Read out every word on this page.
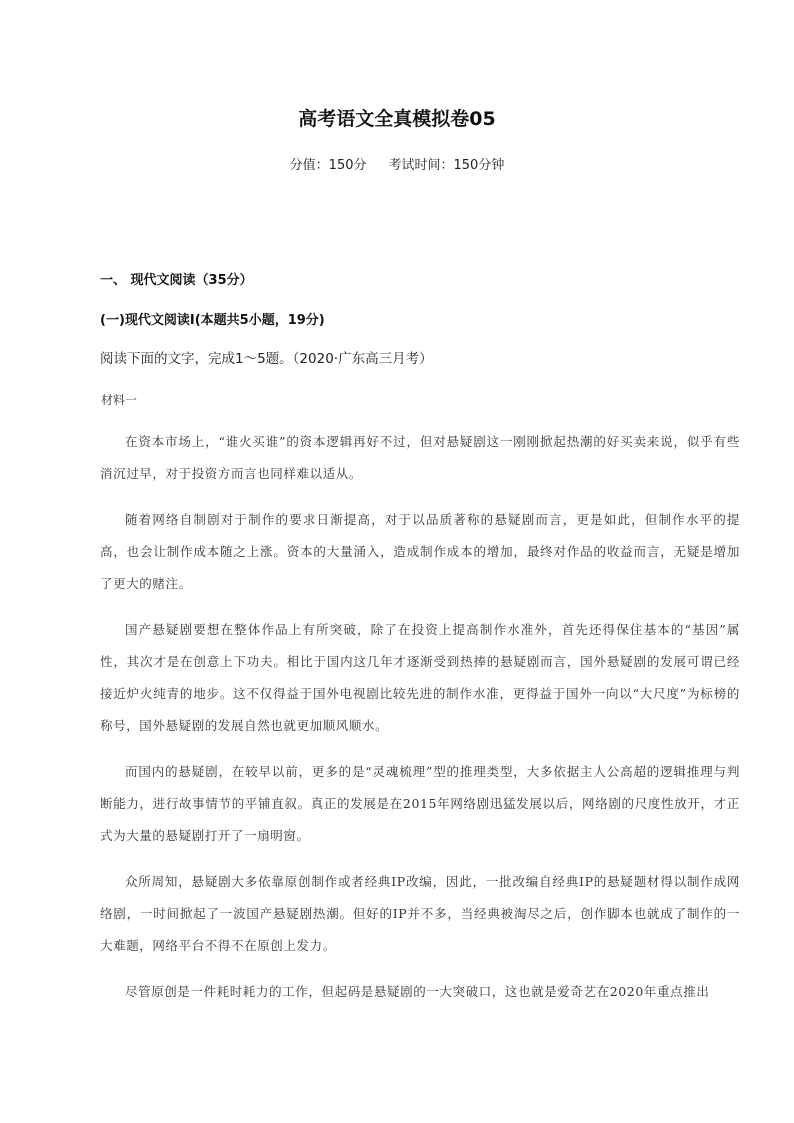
高考语文全真模拟卷05
分值：150分 考试时间：150分钟
一、 现代文阅读（35分）
(一)现代文阅读Ⅰ(本题共5小题，19分)
阅读下面的文字，完成1～5题。（2020·广东高三月考）
材料一

在资本市场上，“谁火买谁”的资本逻辑再好不过，但对悬疑剧这一刚刚掀起热潮的好买卖来说，似乎有些消沉过早，对于投资方而言也同样难以适从。

随着网络自制剧对于制作的要求日渐提高，对于以品质著称的悬疑剧而言，更是如此，但制作水平的提高，也会让制作成本随之上涨。资本的大量涌入，造成制作成本的增加，最终对作品的收益而言，无疑是增加了更大的赌注。

国产悬疑剧要想在整体作品上有所突破，除了在投资上提高制作水准外，首先还得保住基本的“基因”属性，其次才是在创意上下功夫。相比于国内这几年才逐渐受到热捧的悬疑剧而言，国外悬疑剧的发展可谓已经接近炉火纯青的地步。这不仅得益于国外电视剧比较先进的制作水准，更得益于国外一向以“大尺度”为标榜的称号，国外悬疑剧的发展自然也就更加顺风顺水。

而国内的悬疑剧，在较早以前，更多的是“灵魂梳理”型的推理类型，大多依据主人公高超的逻辑推理与判断能力，进行故事情节的平铺直叙。真正的发展是在2015年网络剧迅猛发展以后，网络剧的尺度性放开，才正式为大量的悬疑剧打开了一扇明窗。

众所周知，悬疑剧大多依靠原创制作或者经典IP改编，因此，一批改编自经典IP的悬疑题材得以制作成网络剧，一时间掀起了一波国产悬疑剧热潮。但好的IP并不多，当经典被淘尽之后，创作脚本也就成了制作的一大难题，网络平台不得不在原创上发力。

尽管原创是一件耗时耗力的工作，但起码是悬疑剧的一大突破口，这也就是爱奇艺在2020年重点推出
